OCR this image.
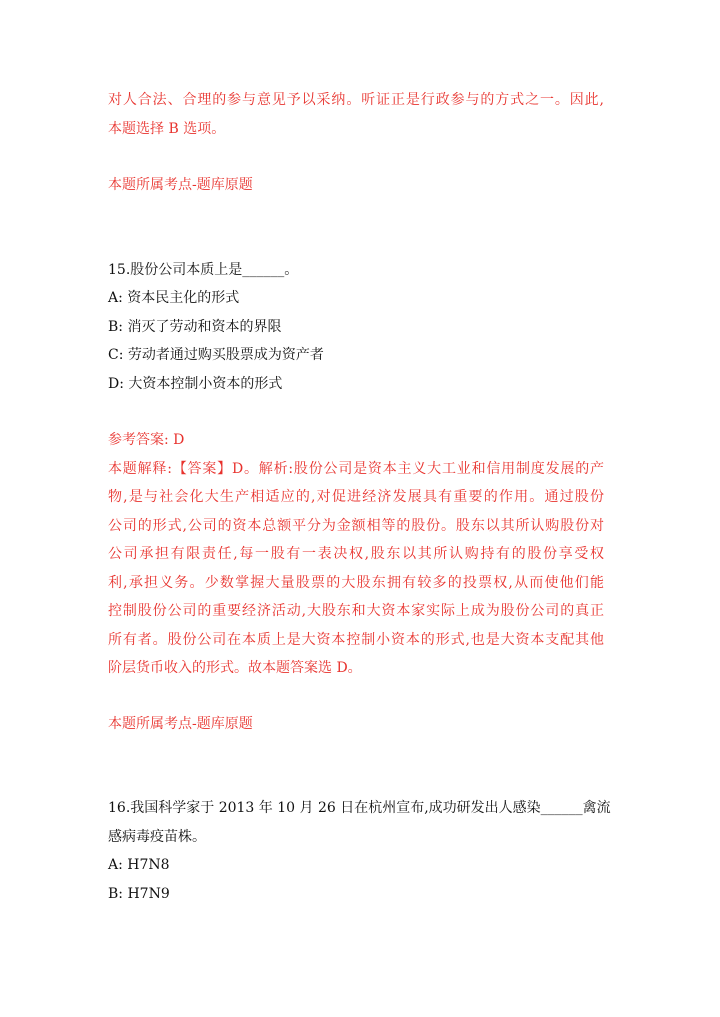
对人合法、合理的参与意见予以采纳。听证正是行政参与的方式之一。因此,
本题选择 B 选项。
本题所属考点-题库原题
15.股份公司本质上是______。
A: 资本民主化的形式
B: 消灭了劳动和资本的界限
C: 劳动者通过购买股票成为资产者
D: 大资本控制小资本的形式
参考答案: D
本题解释:【答案】D。解析:股份公司是资本主义大工业和信用制度发展的产
物,是与社会化大生产相适应的,对促进经济发展具有重要的作用。通过股份
公司的形式,公司的资本总额平分为金额相等的股份。股东以其所认购股份对
公司承担有限责任,每一股有一表决权,股东以其所认购持有的股份享受权
利,承担义务。少数掌握大量股票的大股东拥有较多的投票权,从而使他们能
控制股份公司的重要经济活动,大股东和大资本家实际上成为股份公司的真正
所有者。股份公司在本质上是大资本控制小资本的形式,也是大资本支配其他
阶层货币收入的形式。故本题答案选 D。
本题所属考点-题库原题
16.我国科学家于 2013 年 10 月 26 日在杭州宣布,成功研发出人感染______禽流
感病毒疫苗株。
A: H7N8
B: H7N9
